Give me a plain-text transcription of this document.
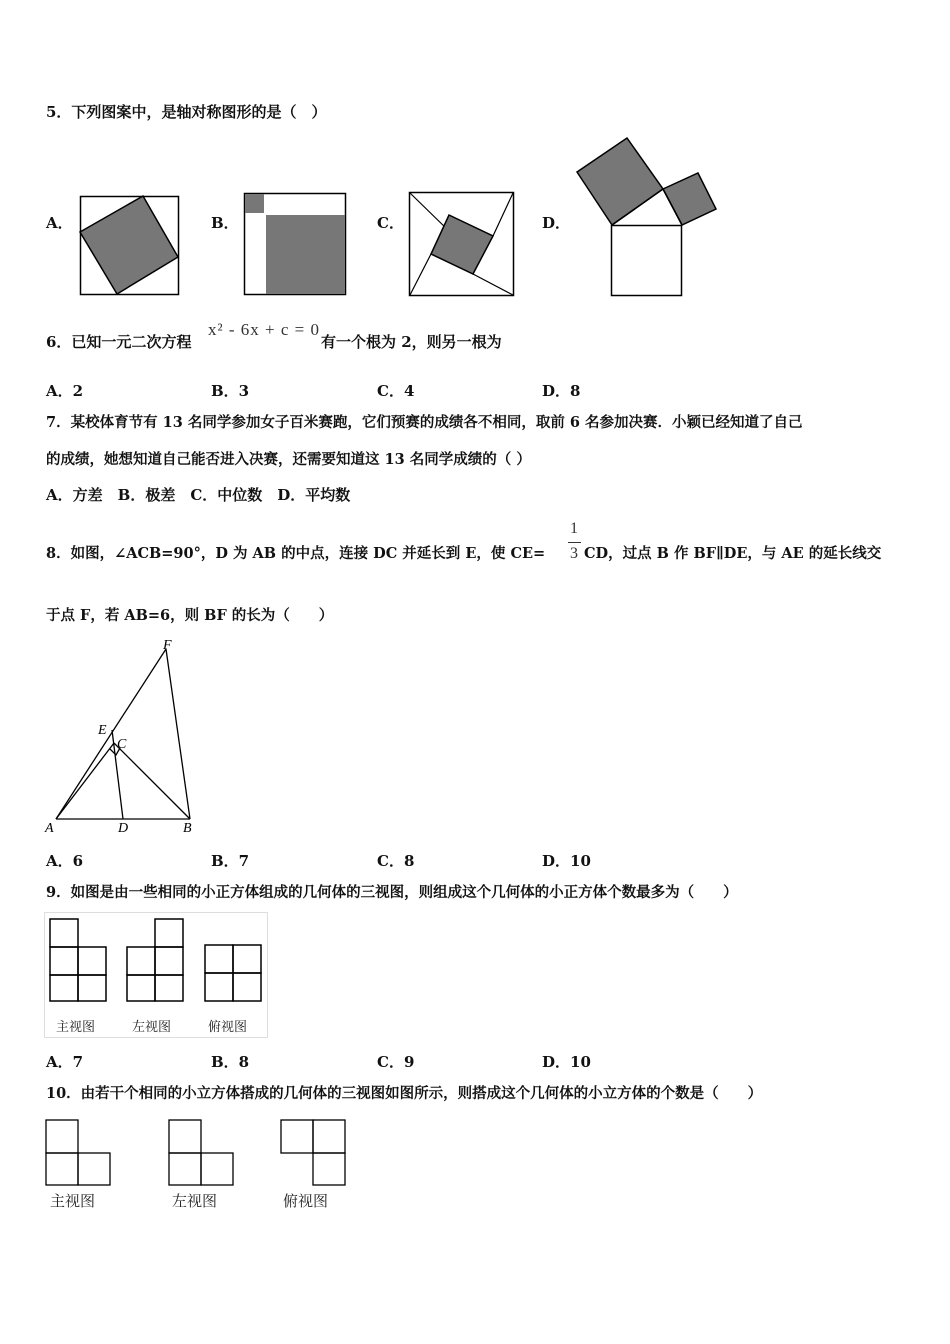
5．下列图案中，是轴对称图形的是（　）
A．	B．	C．	D．
6．已知一元二次方程
x² - 6x + c = 0
有一个根为 2，则另一根为
A．2	B．3	C．4	D．8
7．某校体育节有 13 名同学参加女子百米赛跑，它们预赛的成绩各不相同，取前 6 名参加决赛．小颖已经知道了自己
的成绩，她想知道自己能否进入决赛，还需要知道这 13 名同学成绩的（ ）
A．方差　B．极差　C．中位数　D．平均数
8．如图，∠ACB=90°，D 为 AB 的中点，连接 DC 并延长到 E，使 CE=
1
3 CD，过点 B 作 BF∥DE，与 AE 的延长线交
于点 F，若 AB=6，则 BF 的长为（　　）
F
E
C
A	D	B
A．6	B．7	C．8	D．10
9．如图是由一些相同的小正方体组成的几何体的三视图，则组成这个几何体的小正方体个数最多为（　　）
主视图	左视图	俯视图
A．7	B．8	C．9	D．10
10．由若干个相同的小立方体搭成的几何体的三视图如图所示，则搭成这个几何体的小立方体的个数是（　　）
主视图	左视图	俯视图
